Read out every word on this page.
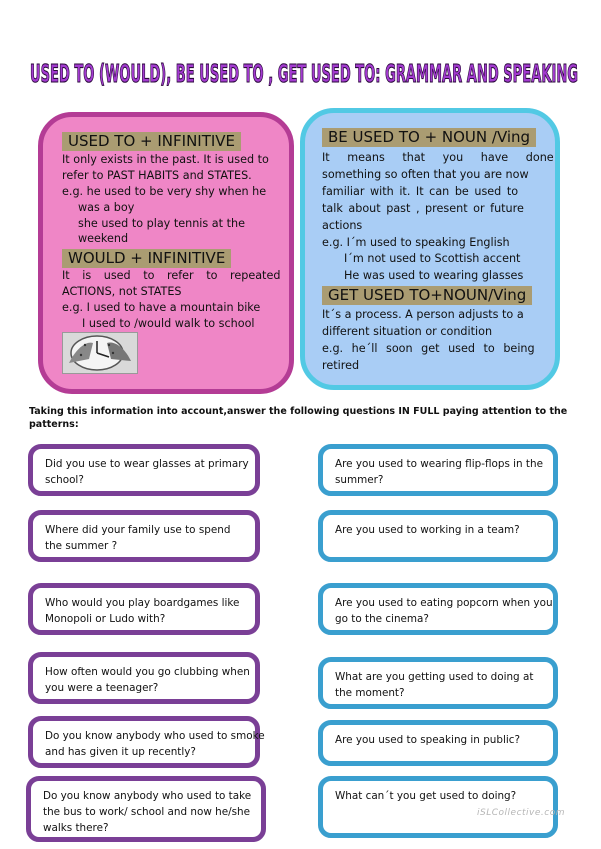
USED TO (WOULD), BE USED TO , GET USED TO: GRAMMAR AND SPEAKING
USED TO + INFINITIVE
It only exists in the past. It is used to
refer to PAST HABITS and STATES.
e.g. he used to be very shy when he
was a boy
she used to play tennis at the
weekend
WOULD + INFINITIVE
It is used to refer to repeated
ACTIONS, not STATES
e.g. I used to have a mountain bike
I used to /would walk to school
BE USED TO + NOUN /Ving
It means that you have done
something so often that you are now
familiar with it. It can be used to
talk about past , present or future
actions
e.g. I´m used to speaking English
I´m not used to Scottish accent
He was used to wearing glasses
GET USED TO+NOUN/Ving
It´s a process. A person adjusts to a
different situation or condition
e.g. he´ll soon get used to being
retired
Taking this information into account,answer the following questions IN FULL paying attention to the
patterns:
Did you use to wear glasses at primary
school?
Where did your family use to spend
the summer ?
Who would you play boardgames like
Monopoli or Ludo with?
How often would you go clubbing when
you were a teenager?
Do you know anybody who used to smoke
and has given it up recently?
Do you know anybody who used to take
the bus to work/ school and now he/she
walks there?
Are you used to wearing flip-flops in the
summer?
Are you used to working in a team?
Are you used to eating popcorn when you
go to the cinema?
What are you getting used to doing at
the moment?
Are you used to speaking in public?
What can´t you get used to doing?
iSLCollective.com
